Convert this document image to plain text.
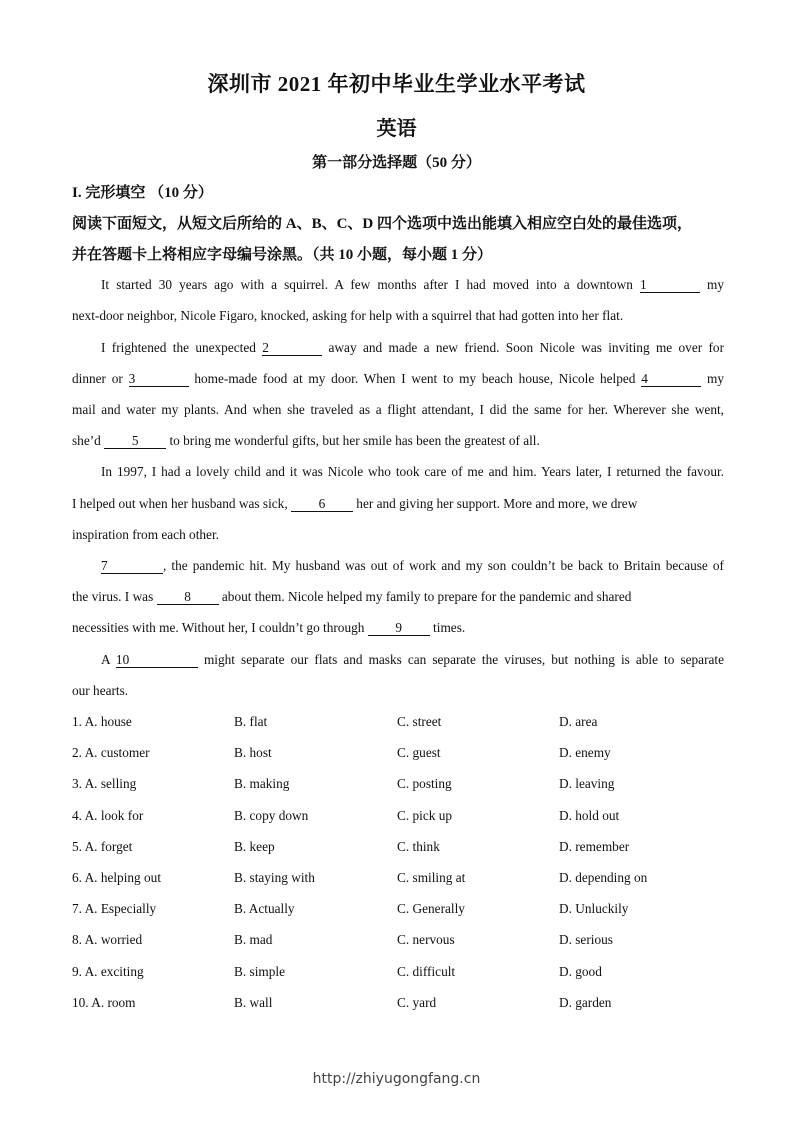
深圳市 2021 年初中毕业生学业水平考试
英语
第一部分选择题（50 分）
I. 完形填空 （10 分）
阅读下面短文，从短文后所给的 A、B、C、D 四个选项中选出能填入相应空白处的最佳选项，
并在答题卡上将相应字母编号涂黑。（共 10 小题，每小题 1 分）
It started 30 years ago with a squirrel. A few months after I had moved into a downtown 1	my
next-door neighbor, Nicole Figaro, knocked, asking for help with a squirrel that had gotten into her flat.
I frightened the unexpected 2	away and made a new friend. Soon Nicole was inviting me over for
dinner or 3	home-made food at my door. When I went to my beach house, Nicole helped 4	my
mail and water my plants. And when she traveled as a flight attendant, I did the same for her. Wherever she went,
she’d 5 to bring me wonderful gifts, but her smile has been the greatest of all.
In 1997, I had a lovely child and it was Nicole who took care of me and him. Years later, I returned the favour.
I helped out when her husband was sick, 6 her and giving her support. More and more, we drew
inspiration from each other.
7	, the pandemic hit. My husband was out of work and my son couldn’t be back to Britain because of
the virus. I was 8 about them. Nicole helped my family to prepare for the pandemic and shared
necessities with me. Without her, I couldn’t go through 9 times.
A 10	might separate our flats and masks can separate the viruses, but nothing is able to separate
our hearts.
1. A. house	B. flat	C. street	D. area
2. A. customer	B. host	C. guest	D. enemy
3. A. selling	B. making	C. posting	D. leaving
4. A. look for	B. copy down	C. pick up	D. hold out
5. A. forget	B. keep	C. think	D. remember
6. A. helping out	B. staying with	C. smiling at	D. depending on
7. A. Especially	B. Actually	C. Generally	D. Unluckily
8. A. worried	B. mad	C. nervous	D. serious
9. A. exciting	B. simple	C. difficult	D. good
10. A. room	B. wall	C. yard	D. garden
http://zhiyugongfang.cn
